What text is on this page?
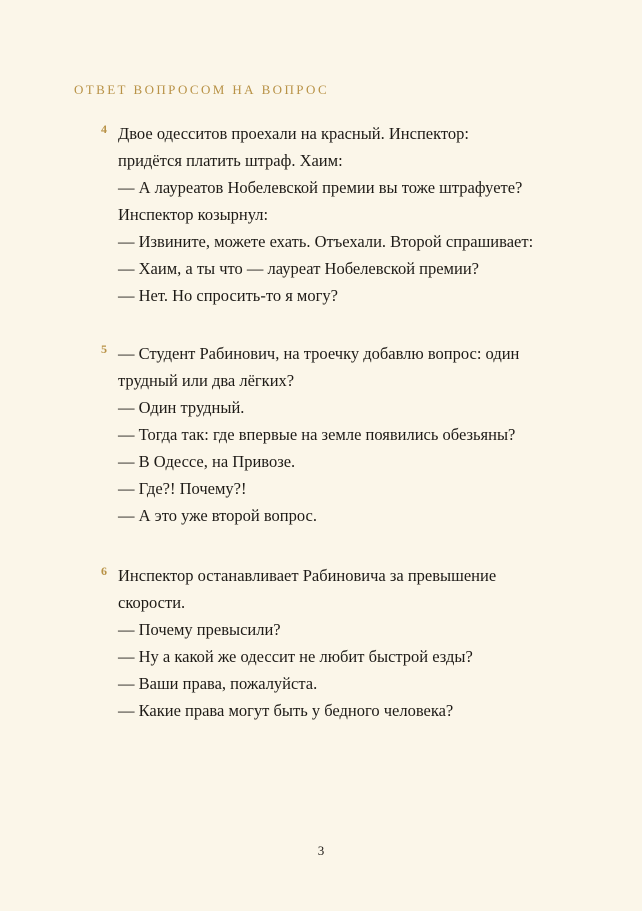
ОТВЕТ ВОПРОСОМ НА ВОПРОС
4 Двое одесситов проехали на красный. Инспектор:
придётся платить штраф. Хаим:
— А лауреатов Нобелевской премии вы тоже штрафуете?
Инспектор козырнул:
— Извините, можете ехать. Отъехали. Второй спрашивает:
— Хаим, а ты что — лауреат Нобелевской премии?
— Нет. Но спросить-то я могу?
5 — Студент Рабинович, на троечку добавлю вопрос: один
трудный или два лёгких?
— Один трудный.
— Тогда так: где впервые на земле появились обезьяны?
— В Одессе, на Привозе.
— Где?! Почему?!
— А это уже второй вопрос.
6 Инспектор останавливает Рабиновича за превышение
скорости.
— Почему превысили?
— Ну а какой же одессит не любит быстрой езды?
— Ваши права, пожалуйста.
— Какие права могут быть у бедного человека?
3
